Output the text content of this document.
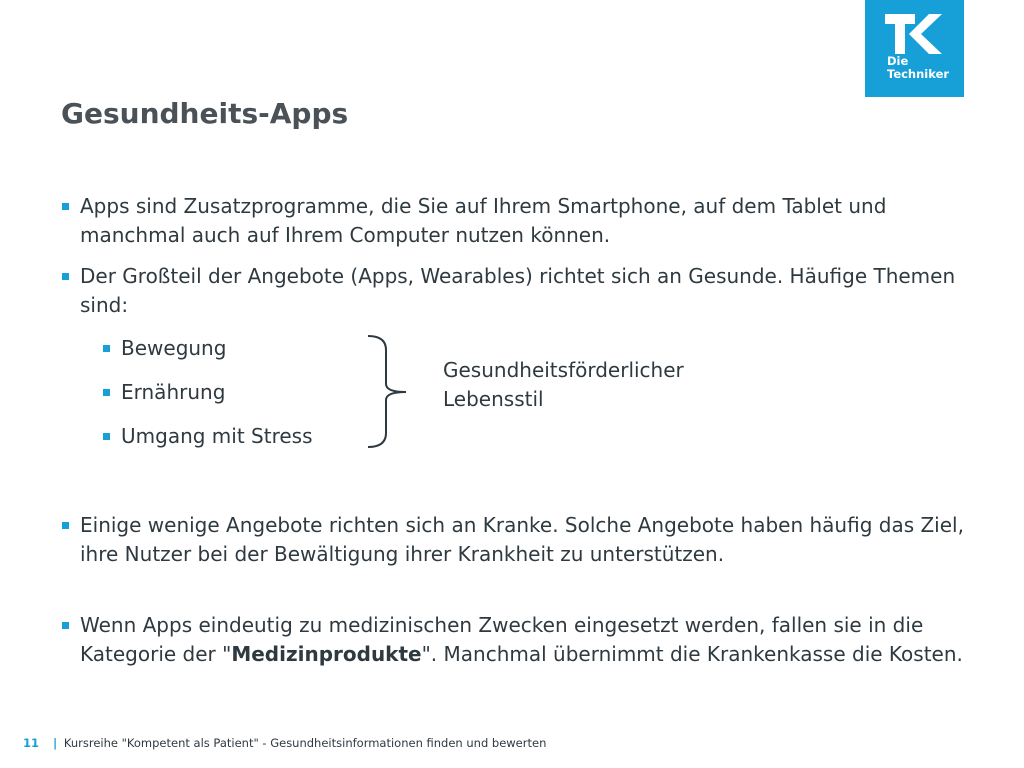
Die
Techniker
Gesundheits-Apps
Apps sind Zusatzprogramme, die Sie auf Ihrem Smartphone, auf dem Tablet und manchmal auch auf Ihrem Computer nutzen können.
Der Großteil der Angebote (Apps, Wearables) richtet sich an Gesunde. Häufige Themen sind:
Bewegung
Ernährung
Umgang mit Stress
Gesundheitsförderlicher
Lebensstil
Einige wenige Angebote richten sich an Kranke. Solche Angebote haben häufig das Ziel, ihre Nutzer bei der Bewältigung ihrer Krankheit zu unterstützen.
Wenn Apps eindeutig zu medizinischen Zwecken eingesetzt werden, fallen sie in die Kategorie der "Medizinprodukte". Manchmal übernimmt die Krankenkasse die Kosten.
11 | Kursreihe "Kompetent als Patient" - Gesundheitsinformationen finden und bewerten
